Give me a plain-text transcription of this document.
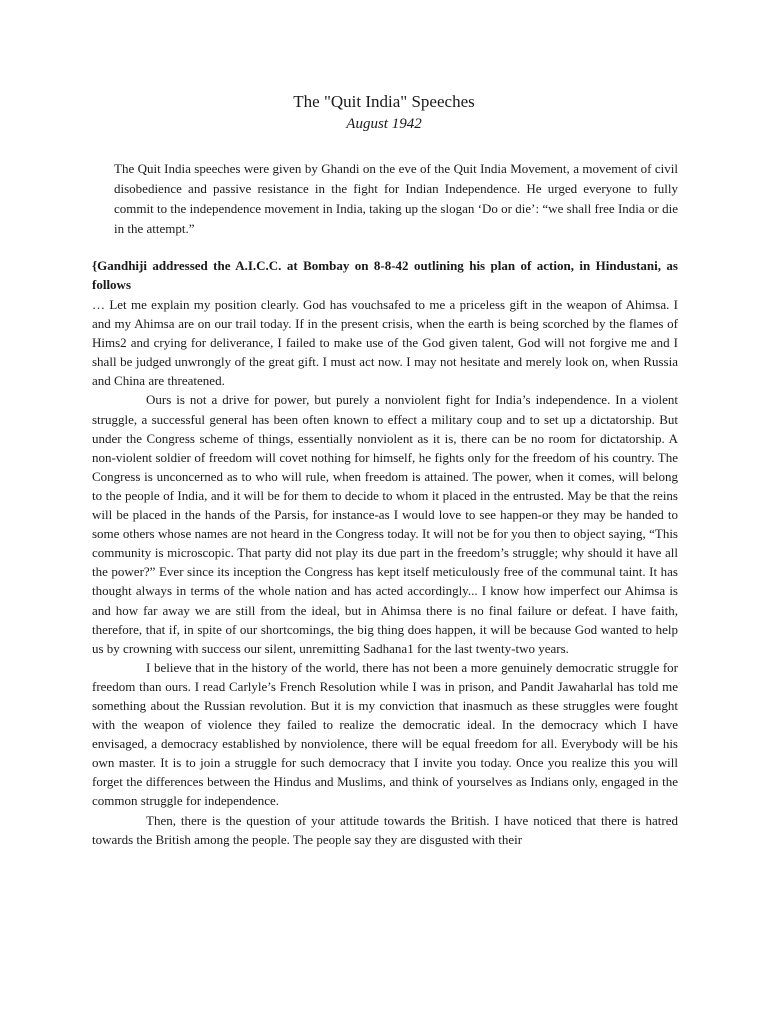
The "Quit India" Speeches
August 1942

The Quit India speeches were given by Ghandi on the eve of the Quit India Movement, a movement of civil disobedience and passive resistance in the fight for Indian Independence. He urged everyone to fully commit to the independence movement in India, taking up the slogan ‘Do or die’: “we shall free India or die in the attempt.”

{Gandhiji addressed the A.I.C.C. at Bombay on 8-8-42 outlining his plan of action, in Hindustani, as follows

… Let me explain my position clearly. God has vouchsafed to me a priceless gift in the weapon of Ahimsa. I and my Ahimsa are on our trail today. If in the present crisis, when the earth is being scorched by the flames of Hims2 and crying for deliverance, I failed to make use of the God given talent, God will not forgive me and I shall be judged unwrongly of the great gift. I must act now. I may not hesitate and merely look on, when Russia and China are threatened.

Ours is not a drive for power, but purely a nonviolent fight for India’s independence. In a violent struggle, a successful general has been often known to effect a military coup and to set up a dictatorship. But under the Congress scheme of things, essentially nonviolent as it is, there can be no room for dictatorship. A non-violent soldier of freedom will covet nothing for himself, he fights only for the freedom of his country. The Congress is unconcerned as to who will rule, when freedom is attained. The power, when it comes, will belong to the people of India, and it will be for them to decide to whom it placed in the entrusted. May be that the reins will be placed in the hands of the Parsis, for instance-as I would love to see happen-or they may be handed to some others whose names are not heard in the Congress today. It will not be for you then to object saying, “This community is microscopic. That party did not play its due part in the freedom’s struggle; why should it have all the power?” Ever since its inception the Congress has kept itself meticulously free of the communal taint. It has thought always in terms of the whole nation and has acted accordingly... I know how imperfect our Ahimsa is and how far away we are still from the ideal, but in Ahimsa there is no final failure or defeat. I have faith, therefore, that if, in spite of our shortcomings, the big thing does happen, it will be because God wanted to help us by crowning with success our silent, unremitting Sadhana1 for the last twenty-two years.

I believe that in the history of the world, there has not been a more genuinely democratic struggle for freedom than ours. I read Carlyle’s French Resolution while I was in prison, and Pandit Jawaharlal has told me something about the Russian revolution. But it is my conviction that inasmuch as these struggles were fought with the weapon of violence they failed to realize the democratic ideal. In the democracy which I have envisaged, a democracy established by nonviolence, there will be equal freedom for all. Everybody will be his own master. It is to join a struggle for such democracy that I invite you today. Once you realize this you will forget the differences between the Hindus and Muslims, and think of yourselves as Indians only, engaged in the common struggle for independence.

Then, there is the question of your attitude towards the British. I have noticed that there is hatred towards the British among the people. The people say they are disgusted with their
